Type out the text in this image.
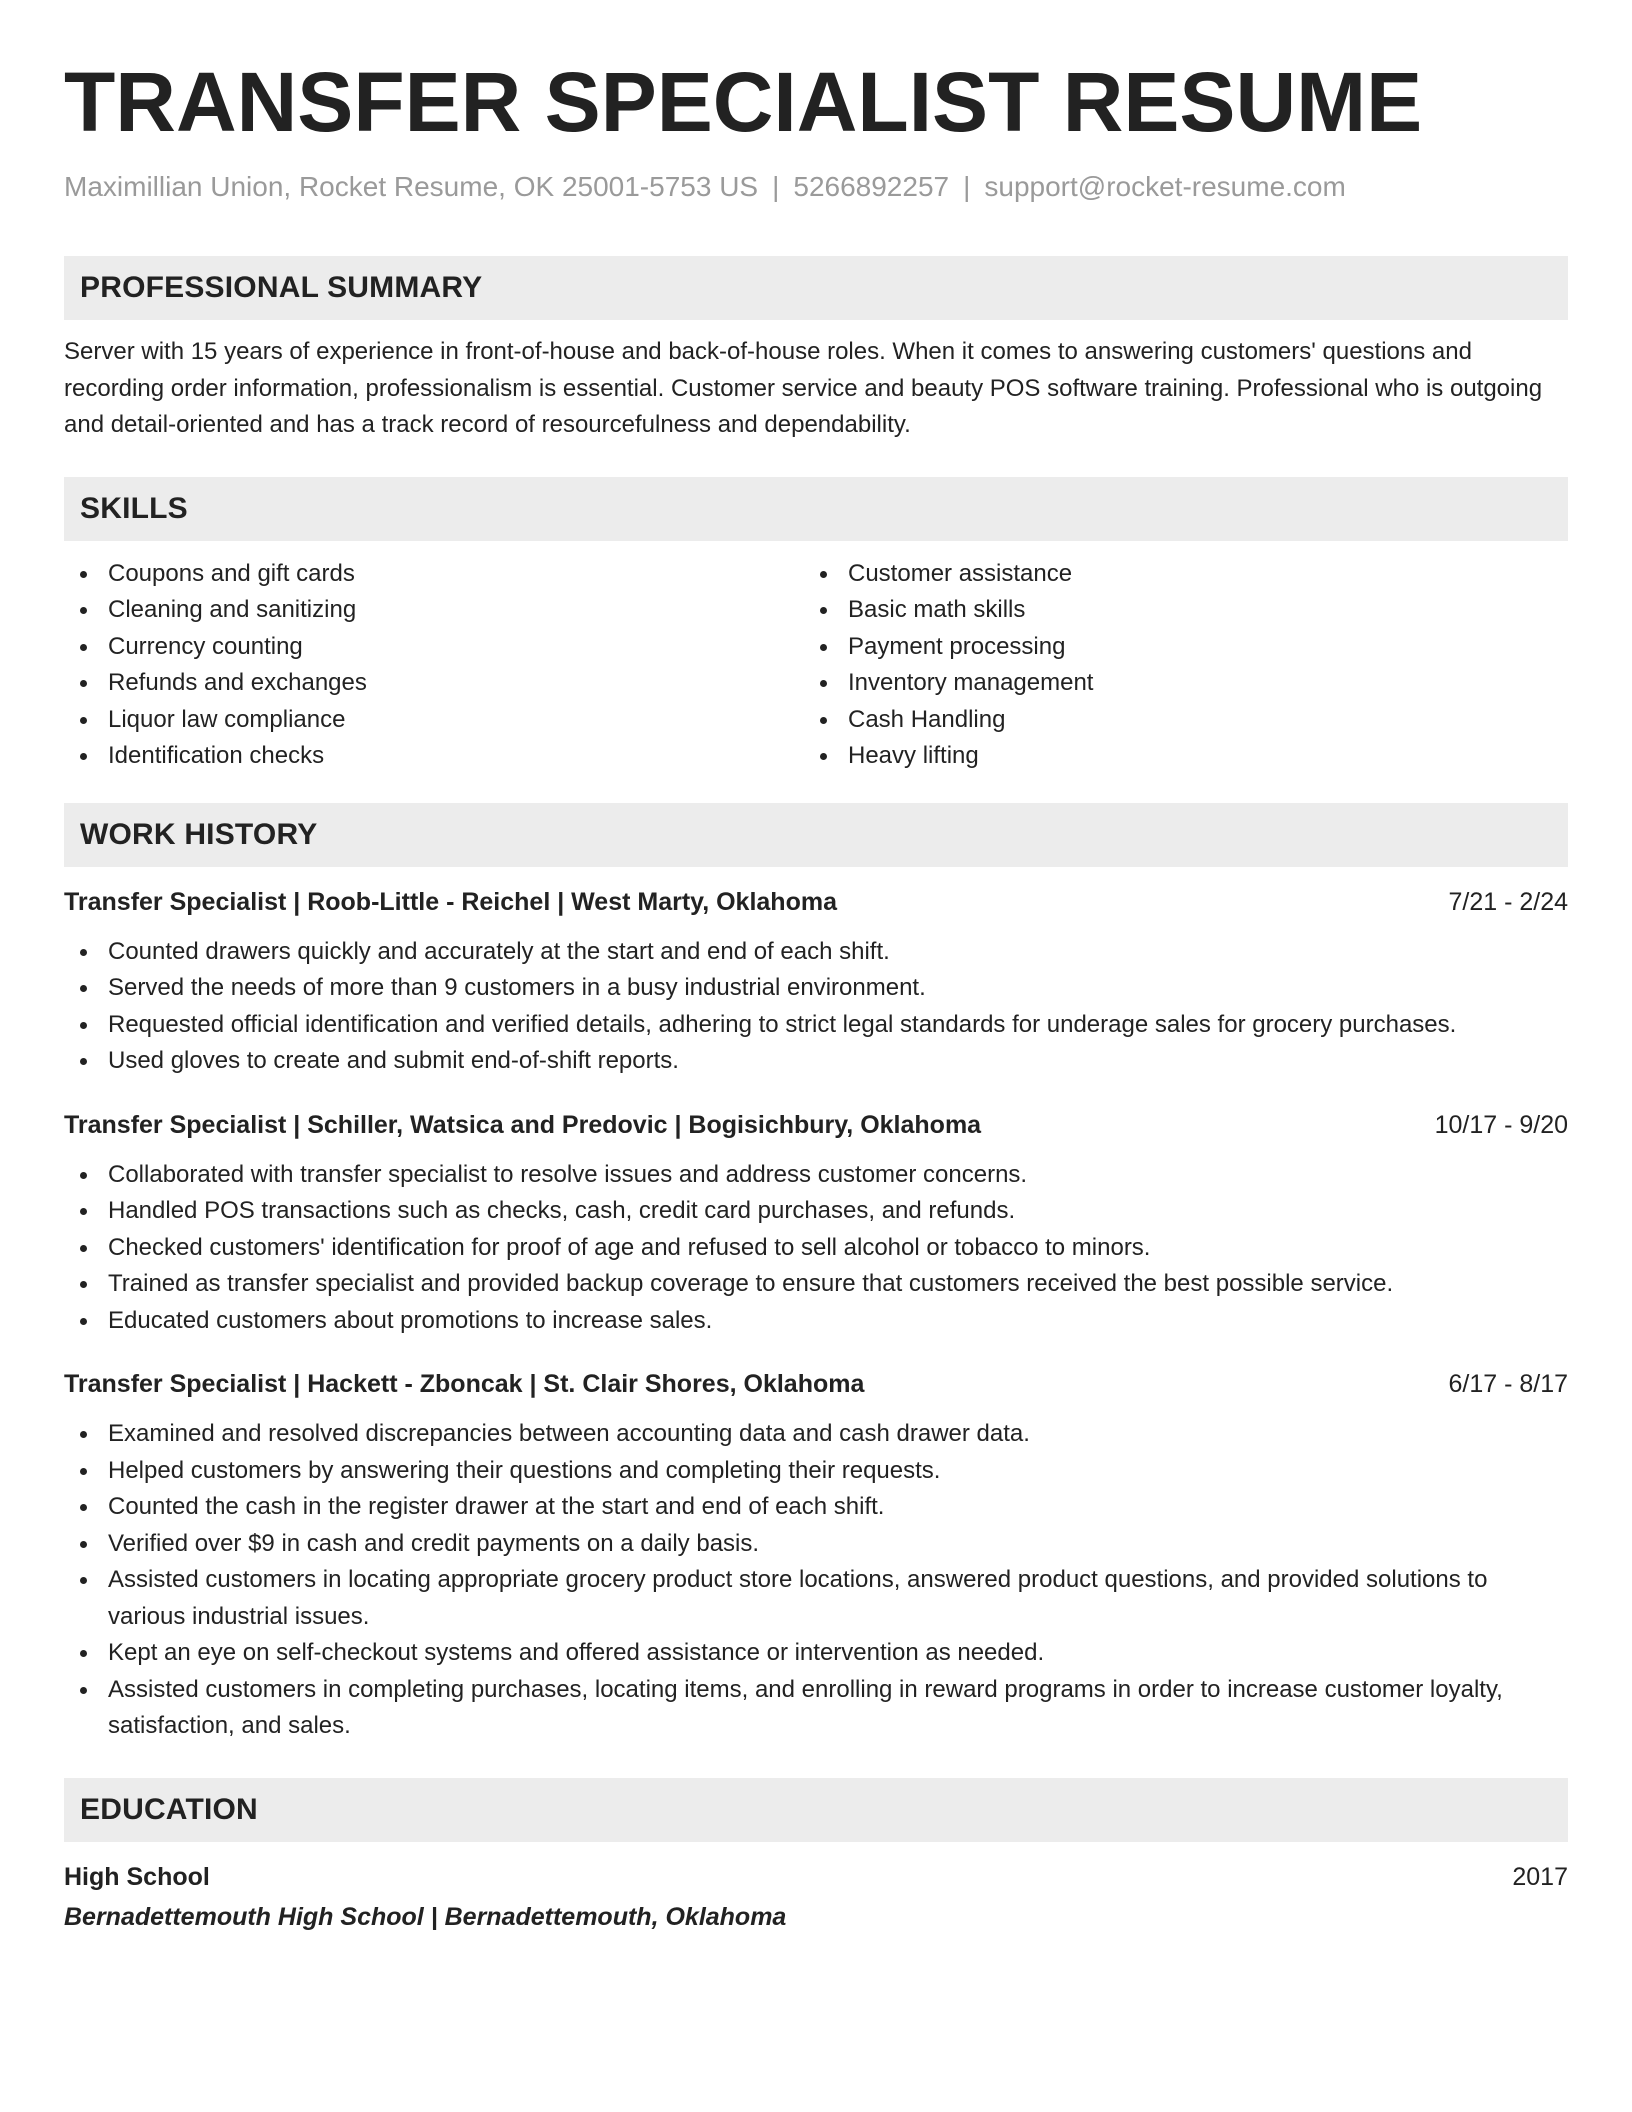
TRANSFER SPECIALIST RESUME
Maximillian Union, Rocket Resume, OK 25001-5753 US | 5266892257 | support@rocket-resume.com
PROFESSIONAL SUMMARY
Server with 15 years of experience in front-of-house and back-of-house roles. When it comes to answering customers' questions and recording order information, professionalism is essential. Customer service and beauty POS software training. Professional who is outgoing and detail-oriented and has a track record of resourcefulness and dependability.
SKILLS
Coupons and gift cards
Cleaning and sanitizing
Currency counting
Refunds and exchanges
Liquor law compliance
Identification checks
Customer assistance
Basic math skills
Payment processing
Inventory management
Cash Handling
Heavy lifting
WORK HISTORY
Transfer Specialist | Roob-Little - Reichel | West Marty, Oklahoma	7/21 - 2/24
Counted drawers quickly and accurately at the start and end of each shift.
Served the needs of more than 9 customers in a busy industrial environment.
Requested official identification and verified details, adhering to strict legal standards for underage sales for grocery purchases.
Used gloves to create and submit end-of-shift reports.
Transfer Specialist | Schiller, Watsica and Predovic | Bogisichbury, Oklahoma	10/17 - 9/20
Collaborated with transfer specialist to resolve issues and address customer concerns.
Handled POS transactions such as checks, cash, credit card purchases, and refunds.
Checked customers' identification for proof of age and refused to sell alcohol or tobacco to minors.
Trained as transfer specialist and provided backup coverage to ensure that customers received the best possible service.
Educated customers about promotions to increase sales.
Transfer Specialist | Hackett - Zboncak | St. Clair Shores, Oklahoma	6/17 - 8/17
Examined and resolved discrepancies between accounting data and cash drawer data.
Helped customers by answering their questions and completing their requests.
Counted the cash in the register drawer at the start and end of each shift.
Verified over $9 in cash and credit payments on a daily basis.
Assisted customers in locating appropriate grocery product store locations, answered product questions, and provided solutions to various industrial issues.
Kept an eye on self-checkout systems and offered assistance or intervention as needed.
Assisted customers in completing purchases, locating items, and enrolling in reward programs in order to increase customer loyalty, satisfaction, and sales.
EDUCATION
High School	2017
Bernadettemouth High School | Bernadettemouth, Oklahoma
